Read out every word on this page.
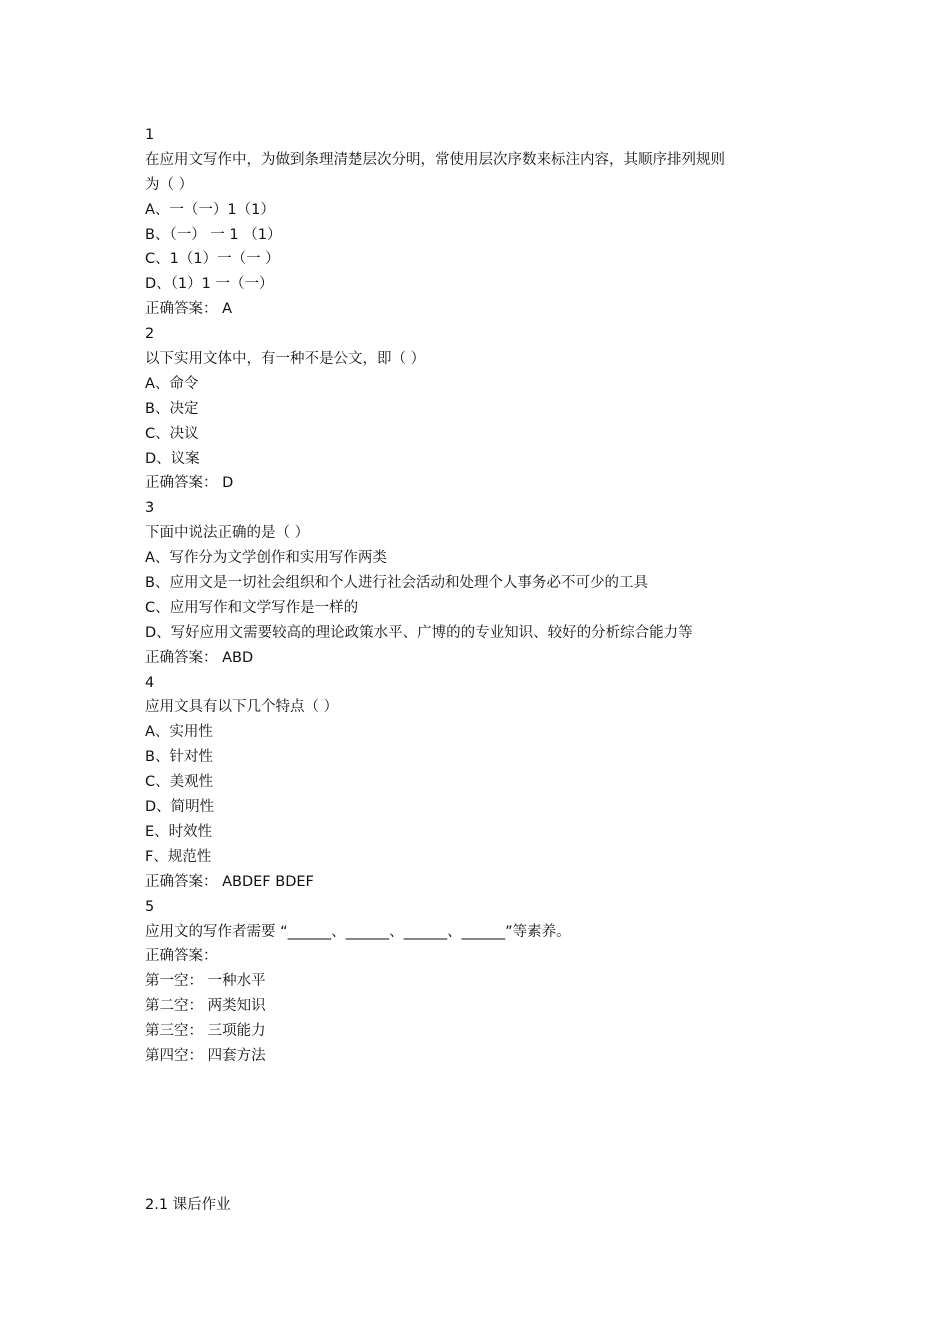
1
在应用文写作中，为做到条理清楚层次分明，常使用层次序数来标注内容，其顺序排列规则
为（ ）
A、一（一）1（1）
B、（一） 一 1 （1）
C、1（1）一（一 ）
D、（1）1 一（一）
正确答案： A
2
以下实用文体中，有一种不是公文，即（ ）
A、命令
B、决定
C、决议
D、议案
正确答案： D
3
下面中说法正确的是（ ）
A、写作分为文学创作和实用写作两类
B、应用文是一切社会组织和个人进行社会活动和处理个人事务必不可少的工具
C、应用写作和文学写作是一样的
D、写好应用文需要较高的理论政策水平、广博的的专业知识、较好的分析综合能力等
正确答案： ABD
4
应用文具有以下几个特点（ ）
A、实用性
B、针对性
C、美观性
D、简明性
E、时效性
F、规范性
正确答案： ABDEF BDEF
5
应用文的写作者需要 “______、______、______、______”等素养。
正确答案：
第一空： 一种水平
第二空： 两类知识
第三空： 三项能力
第四空： 四套方法
2.1 课后作业
